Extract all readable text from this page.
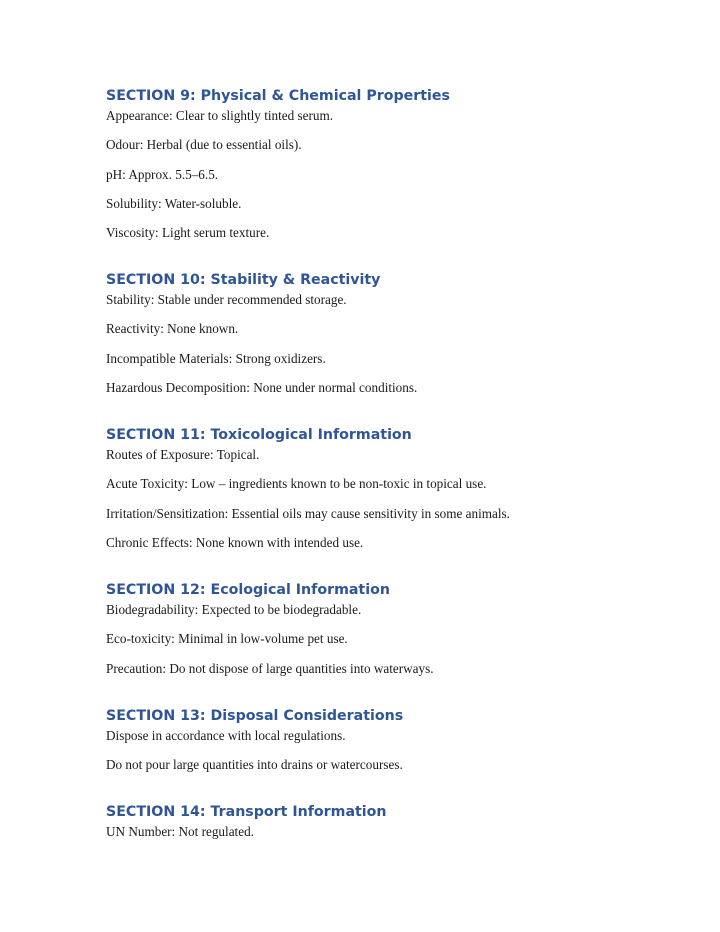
SECTION 9: Physical & Chemical Properties
Appearance: Clear to slightly tinted serum.
Odour: Herbal (due to essential oils).
pH: Approx. 5.5–6.5.
Solubility: Water-soluble.
Viscosity: Light serum texture.
SECTION 10: Stability & Reactivity
Stability: Stable under recommended storage.
Reactivity: None known.
Incompatible Materials: Strong oxidizers.
Hazardous Decomposition: None under normal conditions.
SECTION 11: Toxicological Information
Routes of Exposure: Topical.
Acute Toxicity: Low – ingredients known to be non-toxic in topical use.
Irritation/Sensitization: Essential oils may cause sensitivity in some animals.
Chronic Effects: None known with intended use.
SECTION 12: Ecological Information
Biodegradability: Expected to be biodegradable.
Eco-toxicity: Minimal in low-volume pet use.
Precaution: Do not dispose of large quantities into waterways.
SECTION 13: Disposal Considerations
Dispose in accordance with local regulations.
Do not pour large quantities into drains or watercourses.
SECTION 14: Transport Information
UN Number: Not regulated.
